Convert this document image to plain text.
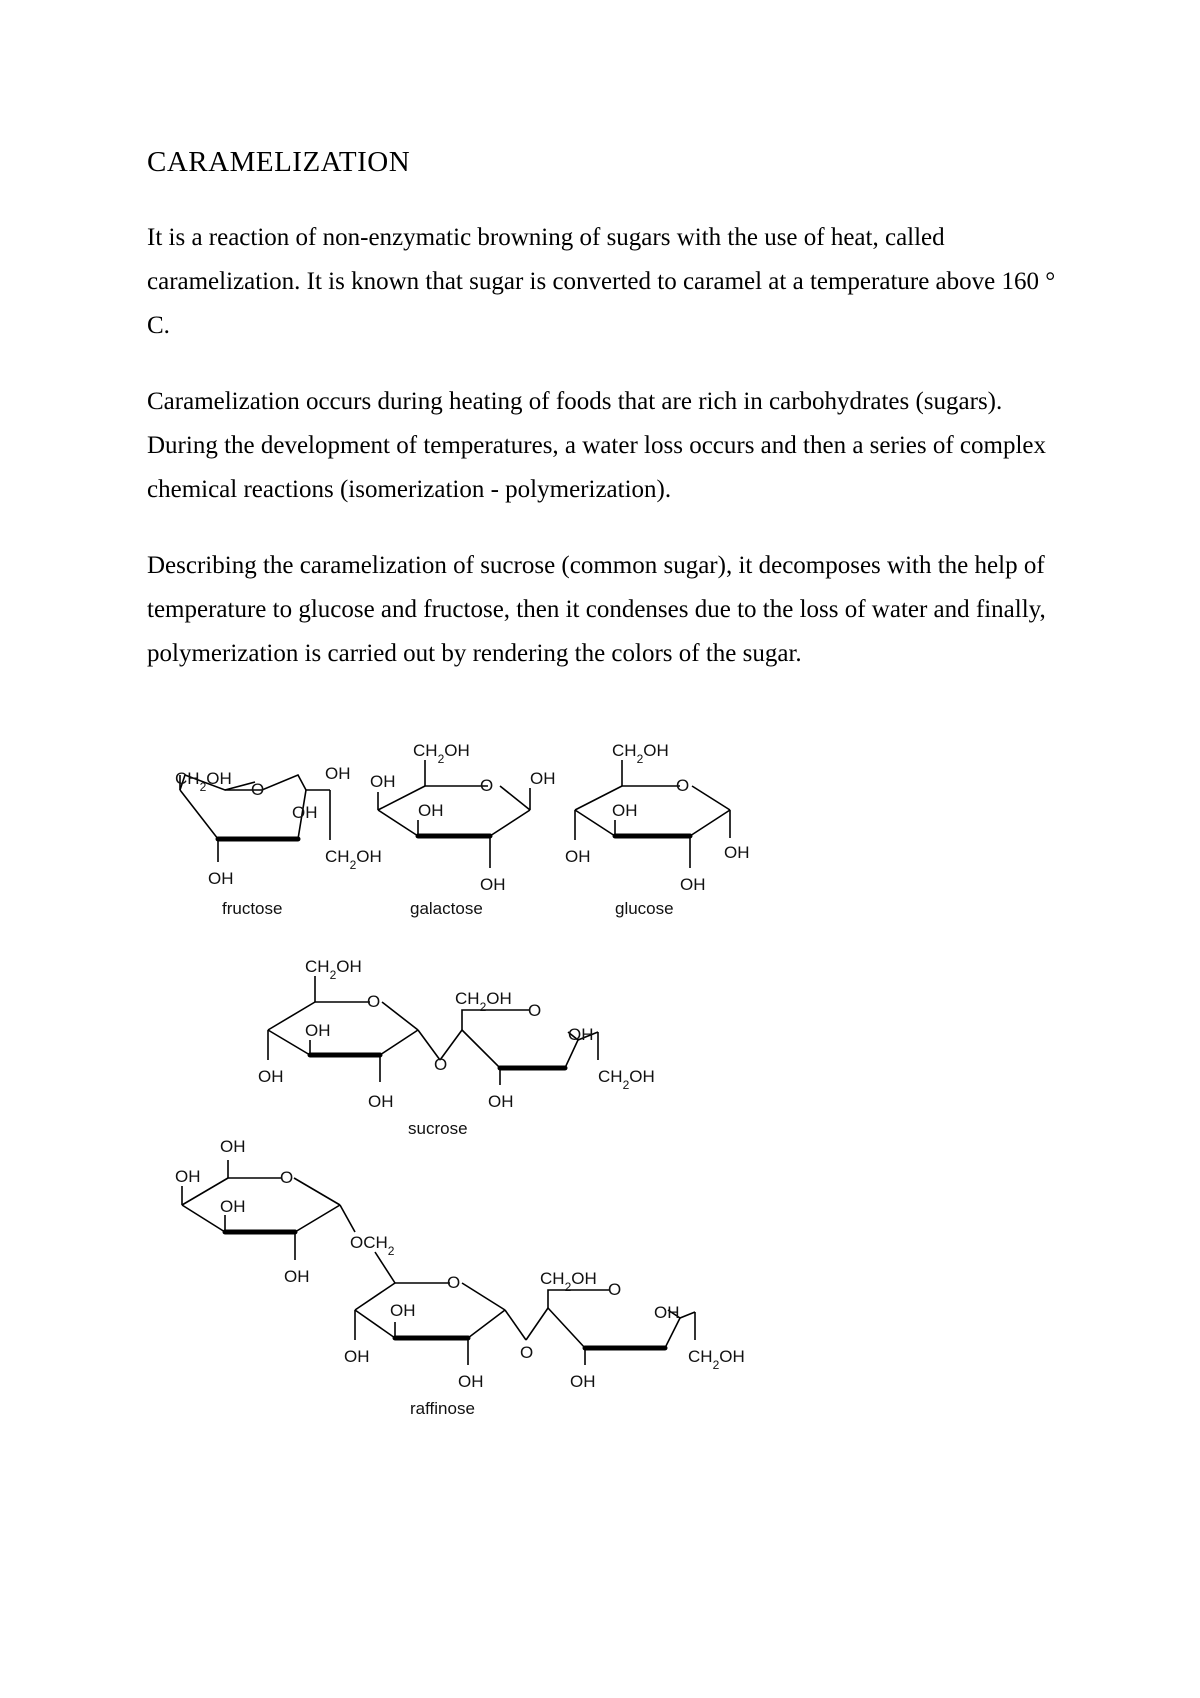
CARAMELIZATION

It is a reaction of non-enzymatic browning of sugars with the use of heat, called caramelization. It is known that sugar is converted to caramel at a temperature above 160 ° C.

Caramelization occurs during heating of foods that are rich in carbohydrates (sugars). During the development of temperatures, a water loss occurs and then a series of complex chemical reactions (isomerization - polymerization).

Describing the caramelization of sucrose (common sugar), it decomposes with the help of temperature to glucose and fructose, then it condenses due to the loss of water and finally, polymerization is carried out by rendering the colors of the sugar.

$CH_2OH$
O
OH
OH
$CH_2OH$
OH
fructose
$CH_2OH$
O
OH	OH
OH
OH
galactose
$CH_2OH$
O
OH
OH	OH
OH
glucose
$CH_2OH$
O
OH
OH
OH
O
$CH_2OH$
O
OH
OH
$CH_2OH$
sucrose
OH
OH	O
OH
OH
$OCH_2$
O
OH
OH
OH
O
$CH_2OH$
O
OH
OH
$CH_2OH$
raffinose
